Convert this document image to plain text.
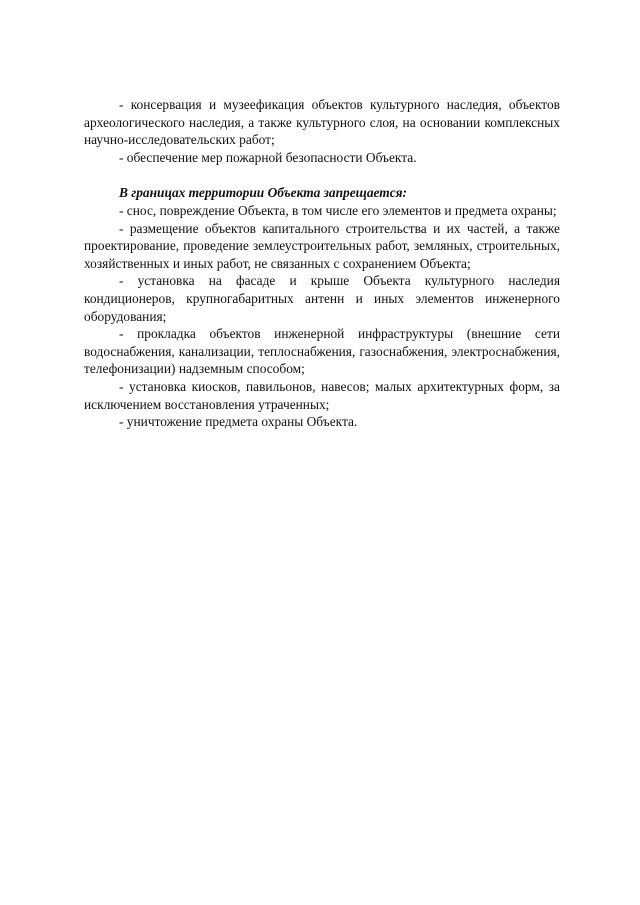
- консервация и музеефикация объектов культурного наследия, объектов археологического наследия, а также культурного слоя, на основании комплексных научно-исследовательских работ;

- обеспечение мер пожарной безопасности Объекта.

В границах территории Объекта запрещается:

- снос, повреждение Объекта, в том числе его элементов и предмета охраны;

- размещение объектов капитального строительства и их частей, а также проектирование, проведение землеустроительных работ, земляных, строительных, хозяйственных и иных работ, не связанных с сохранением Объекта;

- установка на фасаде и крыше Объекта культурного наследия кондиционеров, крупногабаритных антенн и иных элементов инженерного оборудования;

- прокладка объектов инженерной инфраструктуры (внешние сети водоснабжения, канализации, теплоснабжения, газоснабжения, электроснабжения, телефонизации) надземным способом;

- установка киосков, павильонов, навесов; малых архитектурных форм, за исключением восстановления утраченных;

- уничтожение предмета охраны Объекта.
